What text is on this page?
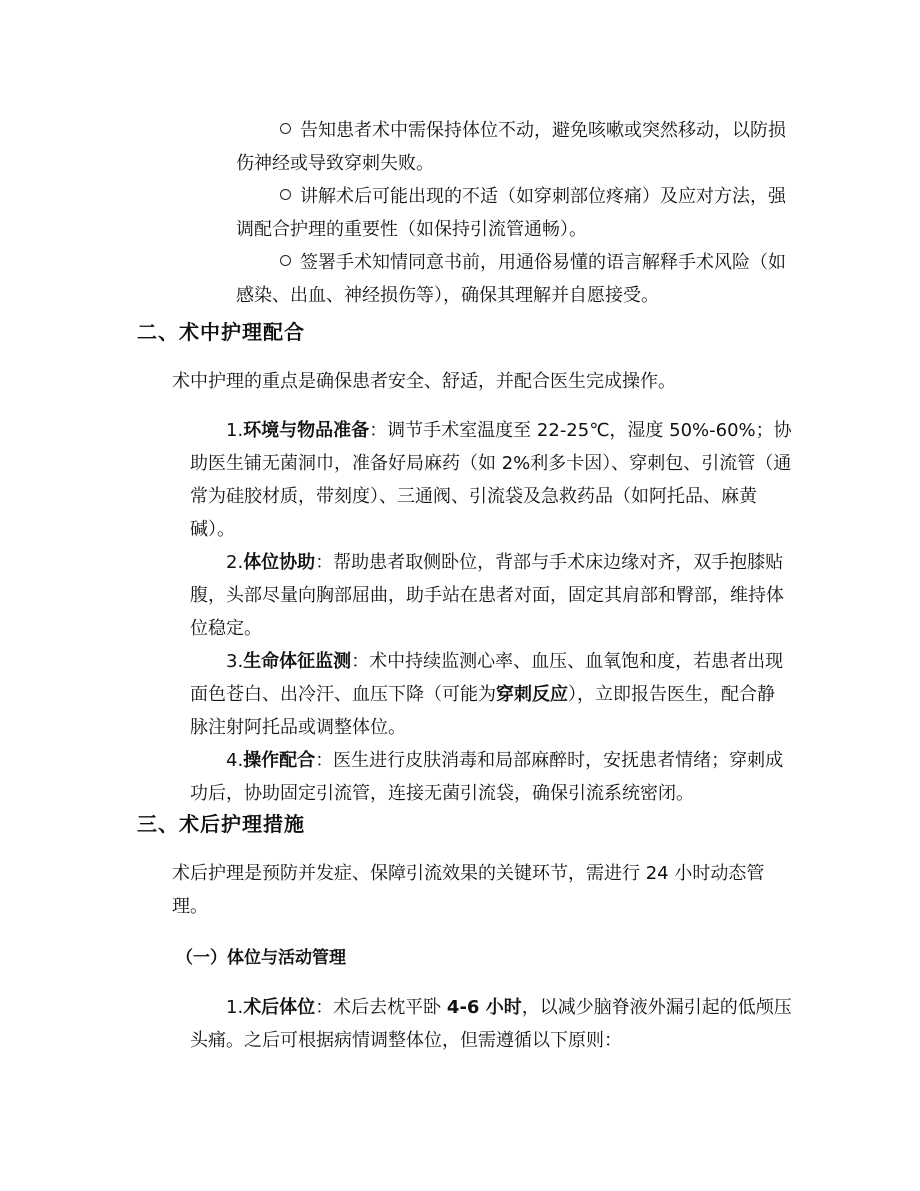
告知患者术中需保持体位不动，避免咳嗽或突然移动，以防损伤神经或导致穿刺失败。

讲解术后可能出现的不适（如穿刺部位疼痛）及应对方法，强调配合护理的重要性（如保持引流管通畅）。

签署手术知情同意书前，用通俗易懂的语言解释手术风险（如感染、出血、神经损伤等），确保其理解并自愿接受。

二、术中护理配合

术中护理的重点是确保患者安全、舒适，并配合医生完成操作。

1.环境与物品准备：调节手术室温度至 22-25℃，湿度 50%-60%；协助医生铺无菌洞巾，准备好局麻药（如 2%利多卡因）、穿刺包、引流管（通常为硅胶材质，带刻度）、三通阀、引流袋及急救药品（如阿托品、麻黄碱）。

2.体位协助：帮助患者取侧卧位，背部与手术床边缘对齐，双手抱膝贴腹，头部尽量向胸部屈曲，助手站在患者对面，固定其肩部和臀部，维持体位稳定。

3.生命体征监测：术中持续监测心率、血压、血氧饱和度，若患者出现面色苍白、出冷汗、血压下降（可能为穿刺反应），立即报告医生，配合静脉注射阿托品或调整体位。

4.操作配合：医生进行皮肤消毒和局部麻醉时，安抚患者情绪；穿刺成功后，协助固定引流管，连接无菌引流袋，确保引流系统密闭。

三、术后护理措施

术后护理是预防并发症、保障引流效果的关键环节，需进行 24 小时动态管理。

（一）体位与活动管理

1.术后体位：术后去枕平卧 4-6 小时，以减少脑脊液外漏引起的低颅压头痛。之后可根据病情调整体位，但需遵循以下原则：
